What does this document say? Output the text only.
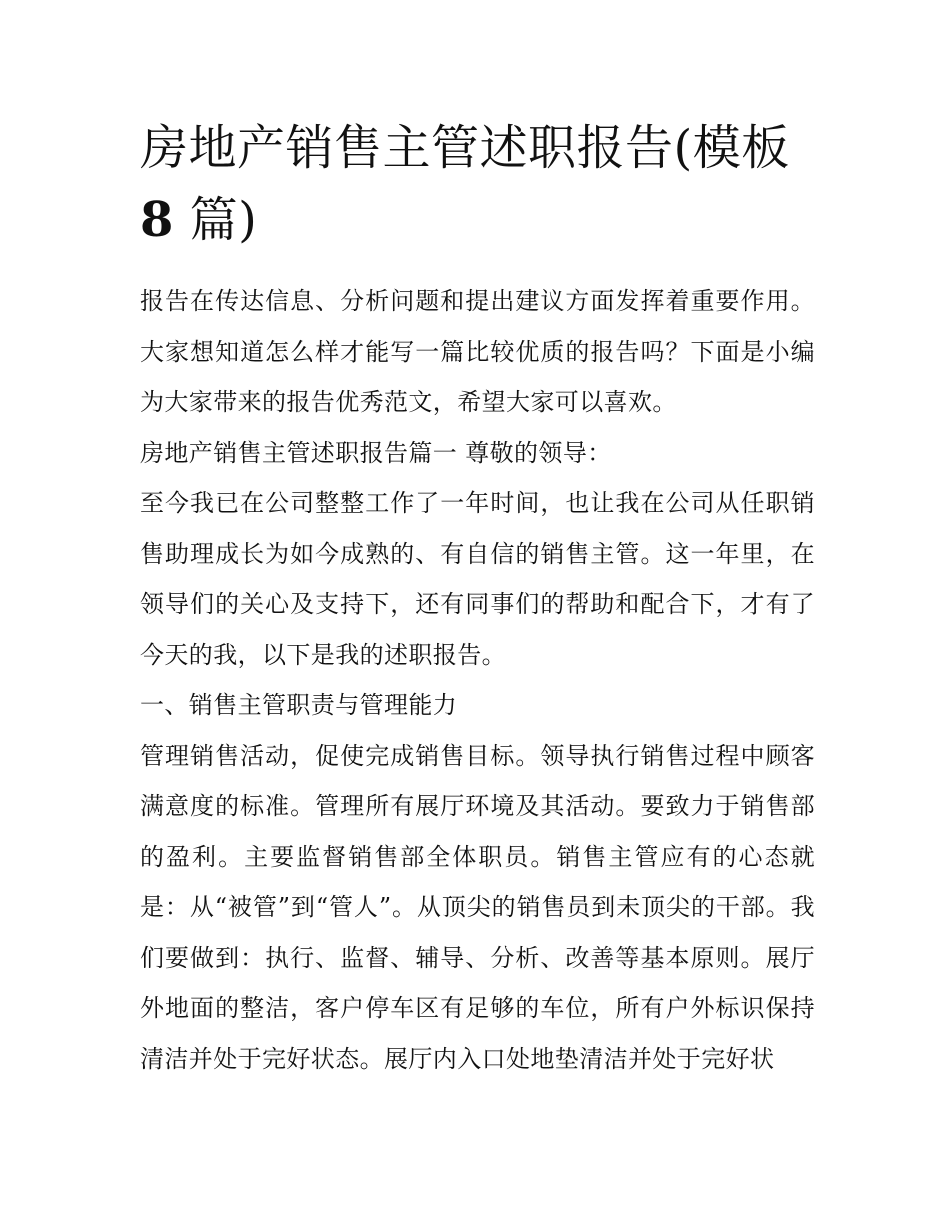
房地产销售主管述职报告(模板
8 篇)

报告在传达信息、分析问题和提出建议方面发挥着重要作用。大家想知道怎么样才能写一篇比较优质的报告吗？下面是小编为大家带来的报告优秀范文，希望大家可以喜欢。

房地产销售主管述职报告篇一 尊敬的领导：

至今我已在公司整整工作了一年时间，也让我在公司从任职销售助理成长为如今成熟的、有自信的销售主管。这一年里，在领导们的关心及支持下，还有同事们的帮助和配合下，才有了今天的我，以下是我的述职报告。

一、销售主管职责与管理能力

管理销售活动，促使完成销售目标。领导执行销售过程中顾客满意度的标准。管理所有展厅环境及其活动。要致力于销售部的盈利。主要监督销售部全体职员。销售主管应有的心态就是：从“被管”到“管人”。从顶尖的销售员到未顶尖的干部。我们要做到：执行、监督、辅导、分析、改善等基本原则。展厅外地面的整洁，客户停车区有足够的车位，所有户外标识保持清洁并处于完好状态。展厅内入口处地垫清洁并处于完好状
